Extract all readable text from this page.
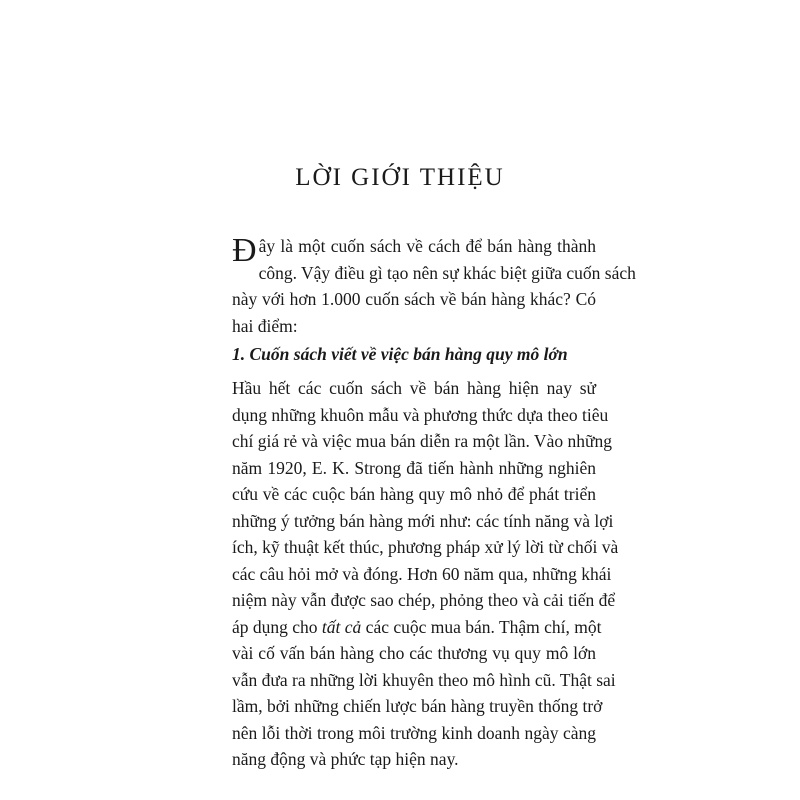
LỜI GIỚI THIỆU
Đ ây là một cuốn sách về cách để bán hàng thành
công. Vậy điều gì tạo nên sự khác biệt giữa cuốn sách
này với hơn 1.000 cuốn sách về bán hàng khác? Có
hai điểm:
1. Cuốn sách viết về việc bán hàng quy mô lớn
Hầu hết các cuốn sách về bán hàng hiện nay sử
dụng những khuôn mẫu và phương thức dựa theo tiêu
chí giá rẻ và việc mua bán diễn ra một lần. Vào những
năm 1920, E. K. Strong đã tiến hành những nghiên
cứu về các cuộc bán hàng quy mô nhỏ để phát triển
những ý tưởng bán hàng mới như: các tính năng và lợi
ích, kỹ thuật kết thúc, phương pháp xử lý lời từ chối và
các câu hỏi mở và đóng. Hơn 60 năm qua, những khái
niệm này vẫn được sao chép, phỏng theo và cải tiến để
áp dụng cho tất cả các cuộc mua bán. Thậm chí, một
vài cố vấn bán hàng cho các thương vụ quy mô lớn
vẫn đưa ra những lời khuyên theo mô hình cũ. Thật sai
lầm, bởi những chiến lược bán hàng truyền thống trở
nên lỗi thời trong môi trường kinh doanh ngày càng
năng động và phức tạp hiện nay.
